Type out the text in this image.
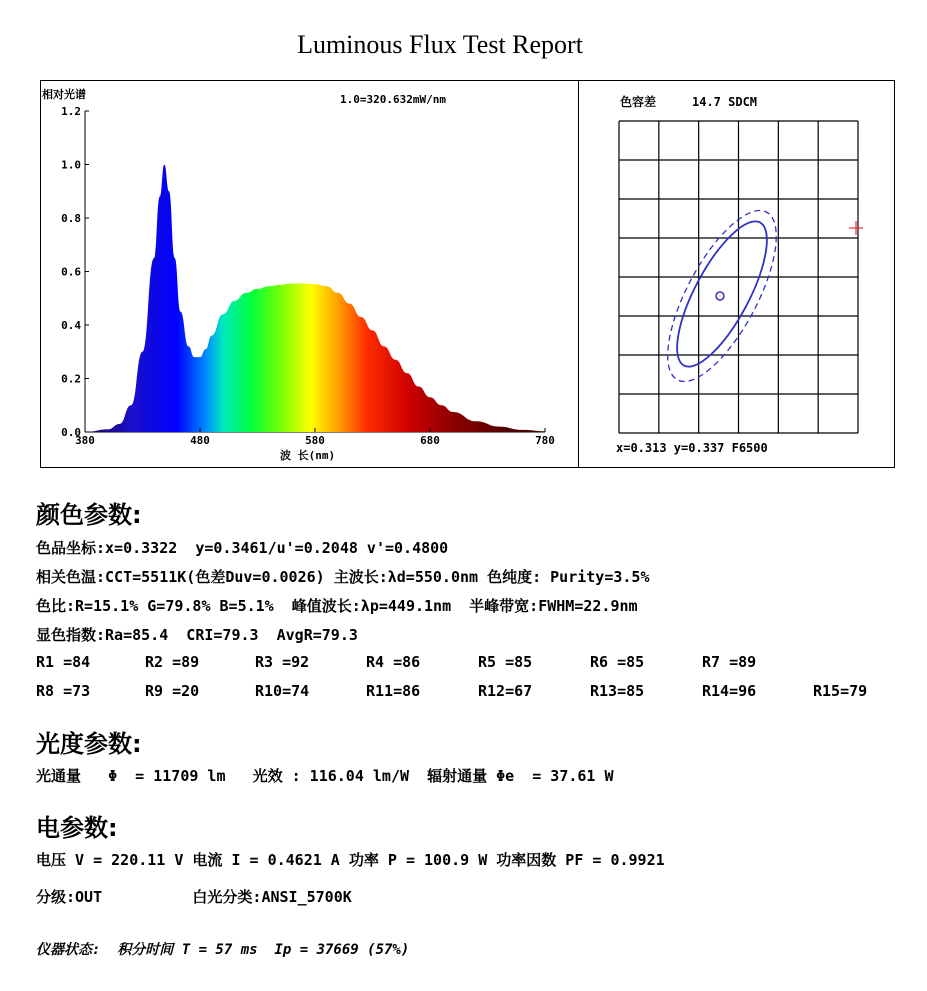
Luminous Flux Test Report
相对光谱	1.0=320.632mW/nm
波 长(nm)
380	480	580	680	780
0.0
0.2
0.4
0.6
0.8
1.0
1.2
色容差	14.7 SDCM
x=0.313 y=0.337 F6500
颜色参数:
色品坐标:x=0.3322  y=0.3461/u'=0.2048 v'=0.4800
相关色温:CCT=5511K(色差Duv=0.0026) 主波长:λd=550.0nm 色纯度: Purity=3.5%
色比:R=15.1% G=79.8% B=5.1%  峰值波长:λp=449.1nm  半峰带宽:FWHM=22.9nm
显色指数:Ra=85.4  CRI=79.3  AvgR=79.3
R1 =84	R2 =89	R3 =92	R4 =86	R5 =85	R6 =85	R7 =89
R8 =73	R9 =20	R10=74	R11=86	R12=67	R13=85	R14=96	R15=79
光度参数:
光通量   Φ  = 11709 lm   光效 : 116.04 lm/W  辐射通量 Φe  = 37.61 W
电参数:
电压 V = 220.11 V 电流 I = 0.4621 A 功率 P = 100.9 W 功率因数 PF = 0.9921
分级:OUT          白光分类:ANSI_5700K
仪器状态:  积分时间 T = 57 ms  Ip = 37669 (57%)
